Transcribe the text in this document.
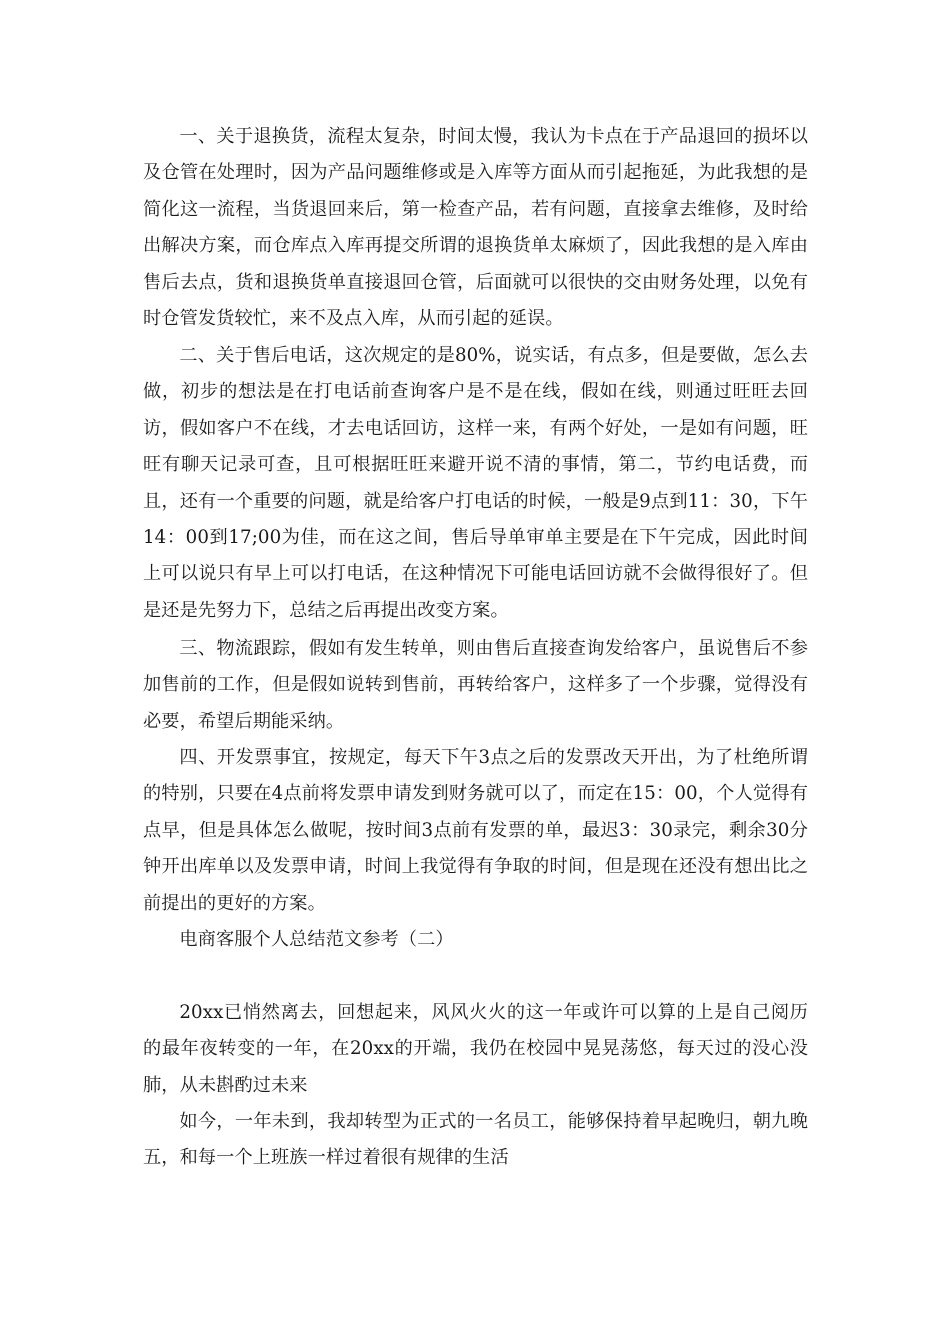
一、关于退换货，流程太复杂，时间太慢，我认为卡点在于产品退回的损坏以及仓管在处理时，因为产品问题维修或是入库等方面从而引起拖延，为此我想的是简化这一流程，当货退回来后，第一检查产品，若有问题，直接拿去维修，及时给出解决方案，而仓库点入库再提交所谓的退换货单太麻烦了，因此我想的是入库由售后去点，货和退换货单直接退回仓管，后面就可以很快的交由财务处理，以免有时仓管发货较忙，来不及点入库，从而引起的延误。

二、关于售后电话，这次规定的是80%，说实话，有点多，但是要做，怎么去做，初步的想法是在打电话前查询客户是不是在线，假如在线，则通过旺旺去回访，假如客户不在线，才去电话回访，这样一来，有两个好处，一是如有问题，旺旺有聊天记录可查，且可根据旺旺来避开说不清的事情，第二，节约电话费，而且，还有一个重要的问题，就是给客户打电话的时候，一般是9点到11：30，下午14：00到17;00为佳，而在这之间，售后导单审单主要是在下午完成，因此时间上可以说只有早上可以打电话，在这种情况下可能电话回访就不会做得很好了。但是还是先努力下，总结之后再提出改变方案。

三、物流跟踪，假如有发生转单，则由售后直接查询发给客户，虽说售后不参加售前的工作，但是假如说转到售前，再转给客户，这样多了一个步骤，觉得没有必要，希望后期能采纳。

四、开发票事宜，按规定，每天下午3点之后的发票改天开出，为了杜绝所谓的特别，只要在4点前将发票申请发到财务就可以了，而定在15：00，个人觉得有点早，但是具体怎么做呢，按时间3点前有发票的单，最迟3：30录完，剩余30分钟开出库单以及发票申请，时间上我觉得有争取的时间，但是现在还没有想出比之前提出的更好的方案。

电商客服个人总结范文参考（二）

20xx已悄然离去，回想起来，风风火火的这一年或许可以算的上是自己阅历的最年夜转变的一年，在20xx的开端，我仍在校园中晃晃荡悠，每天过的没心没肺，从未斟酌过未来

如今，一年未到，我却转型为正式的一名员工，能够保持着早起晚归，朝九晚五，和每一个上班族一样过着很有规律的生活
